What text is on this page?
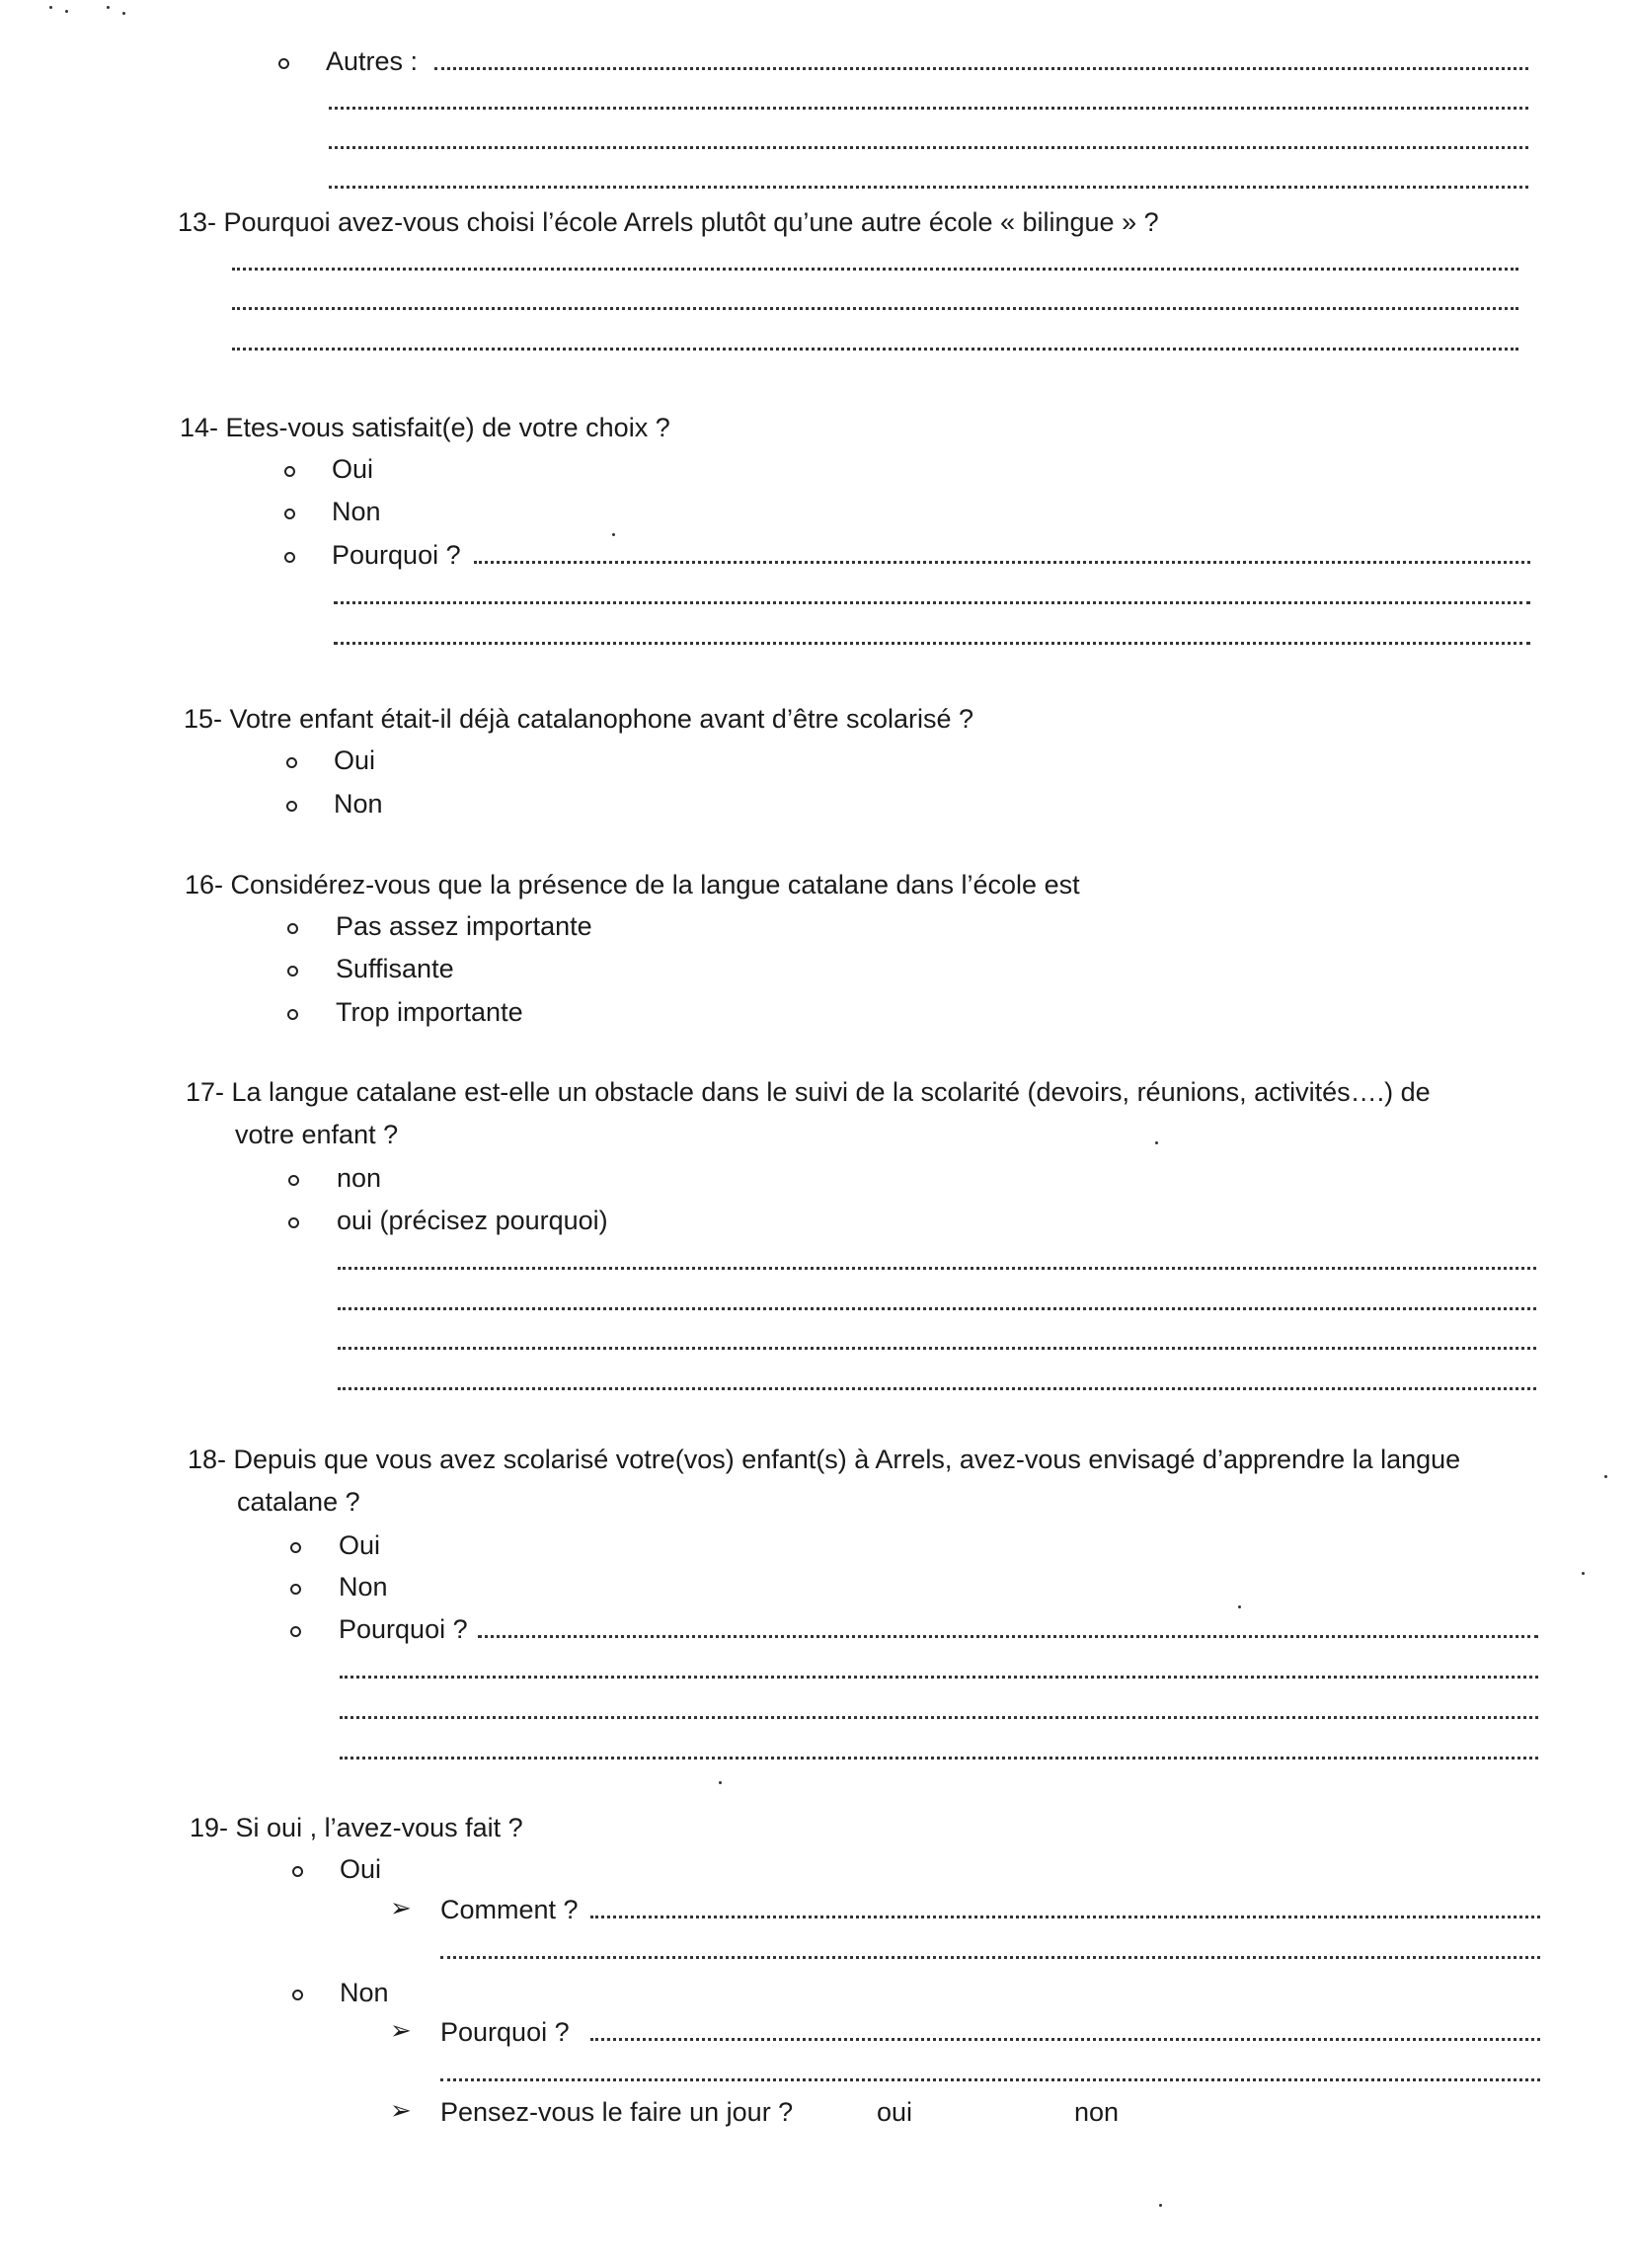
Autres :
13- Pourquoi avez-vous choisi l’école Arrels plutôt qu’une autre école « bilingue » ?
14- Etes-vous satisfait(e) de votre choix ?
Oui
Non
Pourquoi ?
15- Votre enfant était-il déjà catalanophone avant d’être scolarisé ?
Oui
Non
16- Considérez-vous que la présence de la langue catalane dans l’école est
Pas assez importante
Suffisante
Trop importante
17- La langue catalane est-elle un obstacle dans le suivi de la scolarité (devoirs, réunions, activités….) de
votre enfant ?
non
oui (précisez pourquoi)
18- Depuis que vous avez scolarisé votre(vos) enfant(s) à Arrels, avez-vous envisagé d’apprendre la langue
catalane ?
Oui
Non
Pourquoi ?
19- Si oui , l’avez-vous fait ?
Oui
➢ Comment ?
Non
➢ Pourquoi ?
➢ Pensez-vous le faire un jour ?	oui	non
